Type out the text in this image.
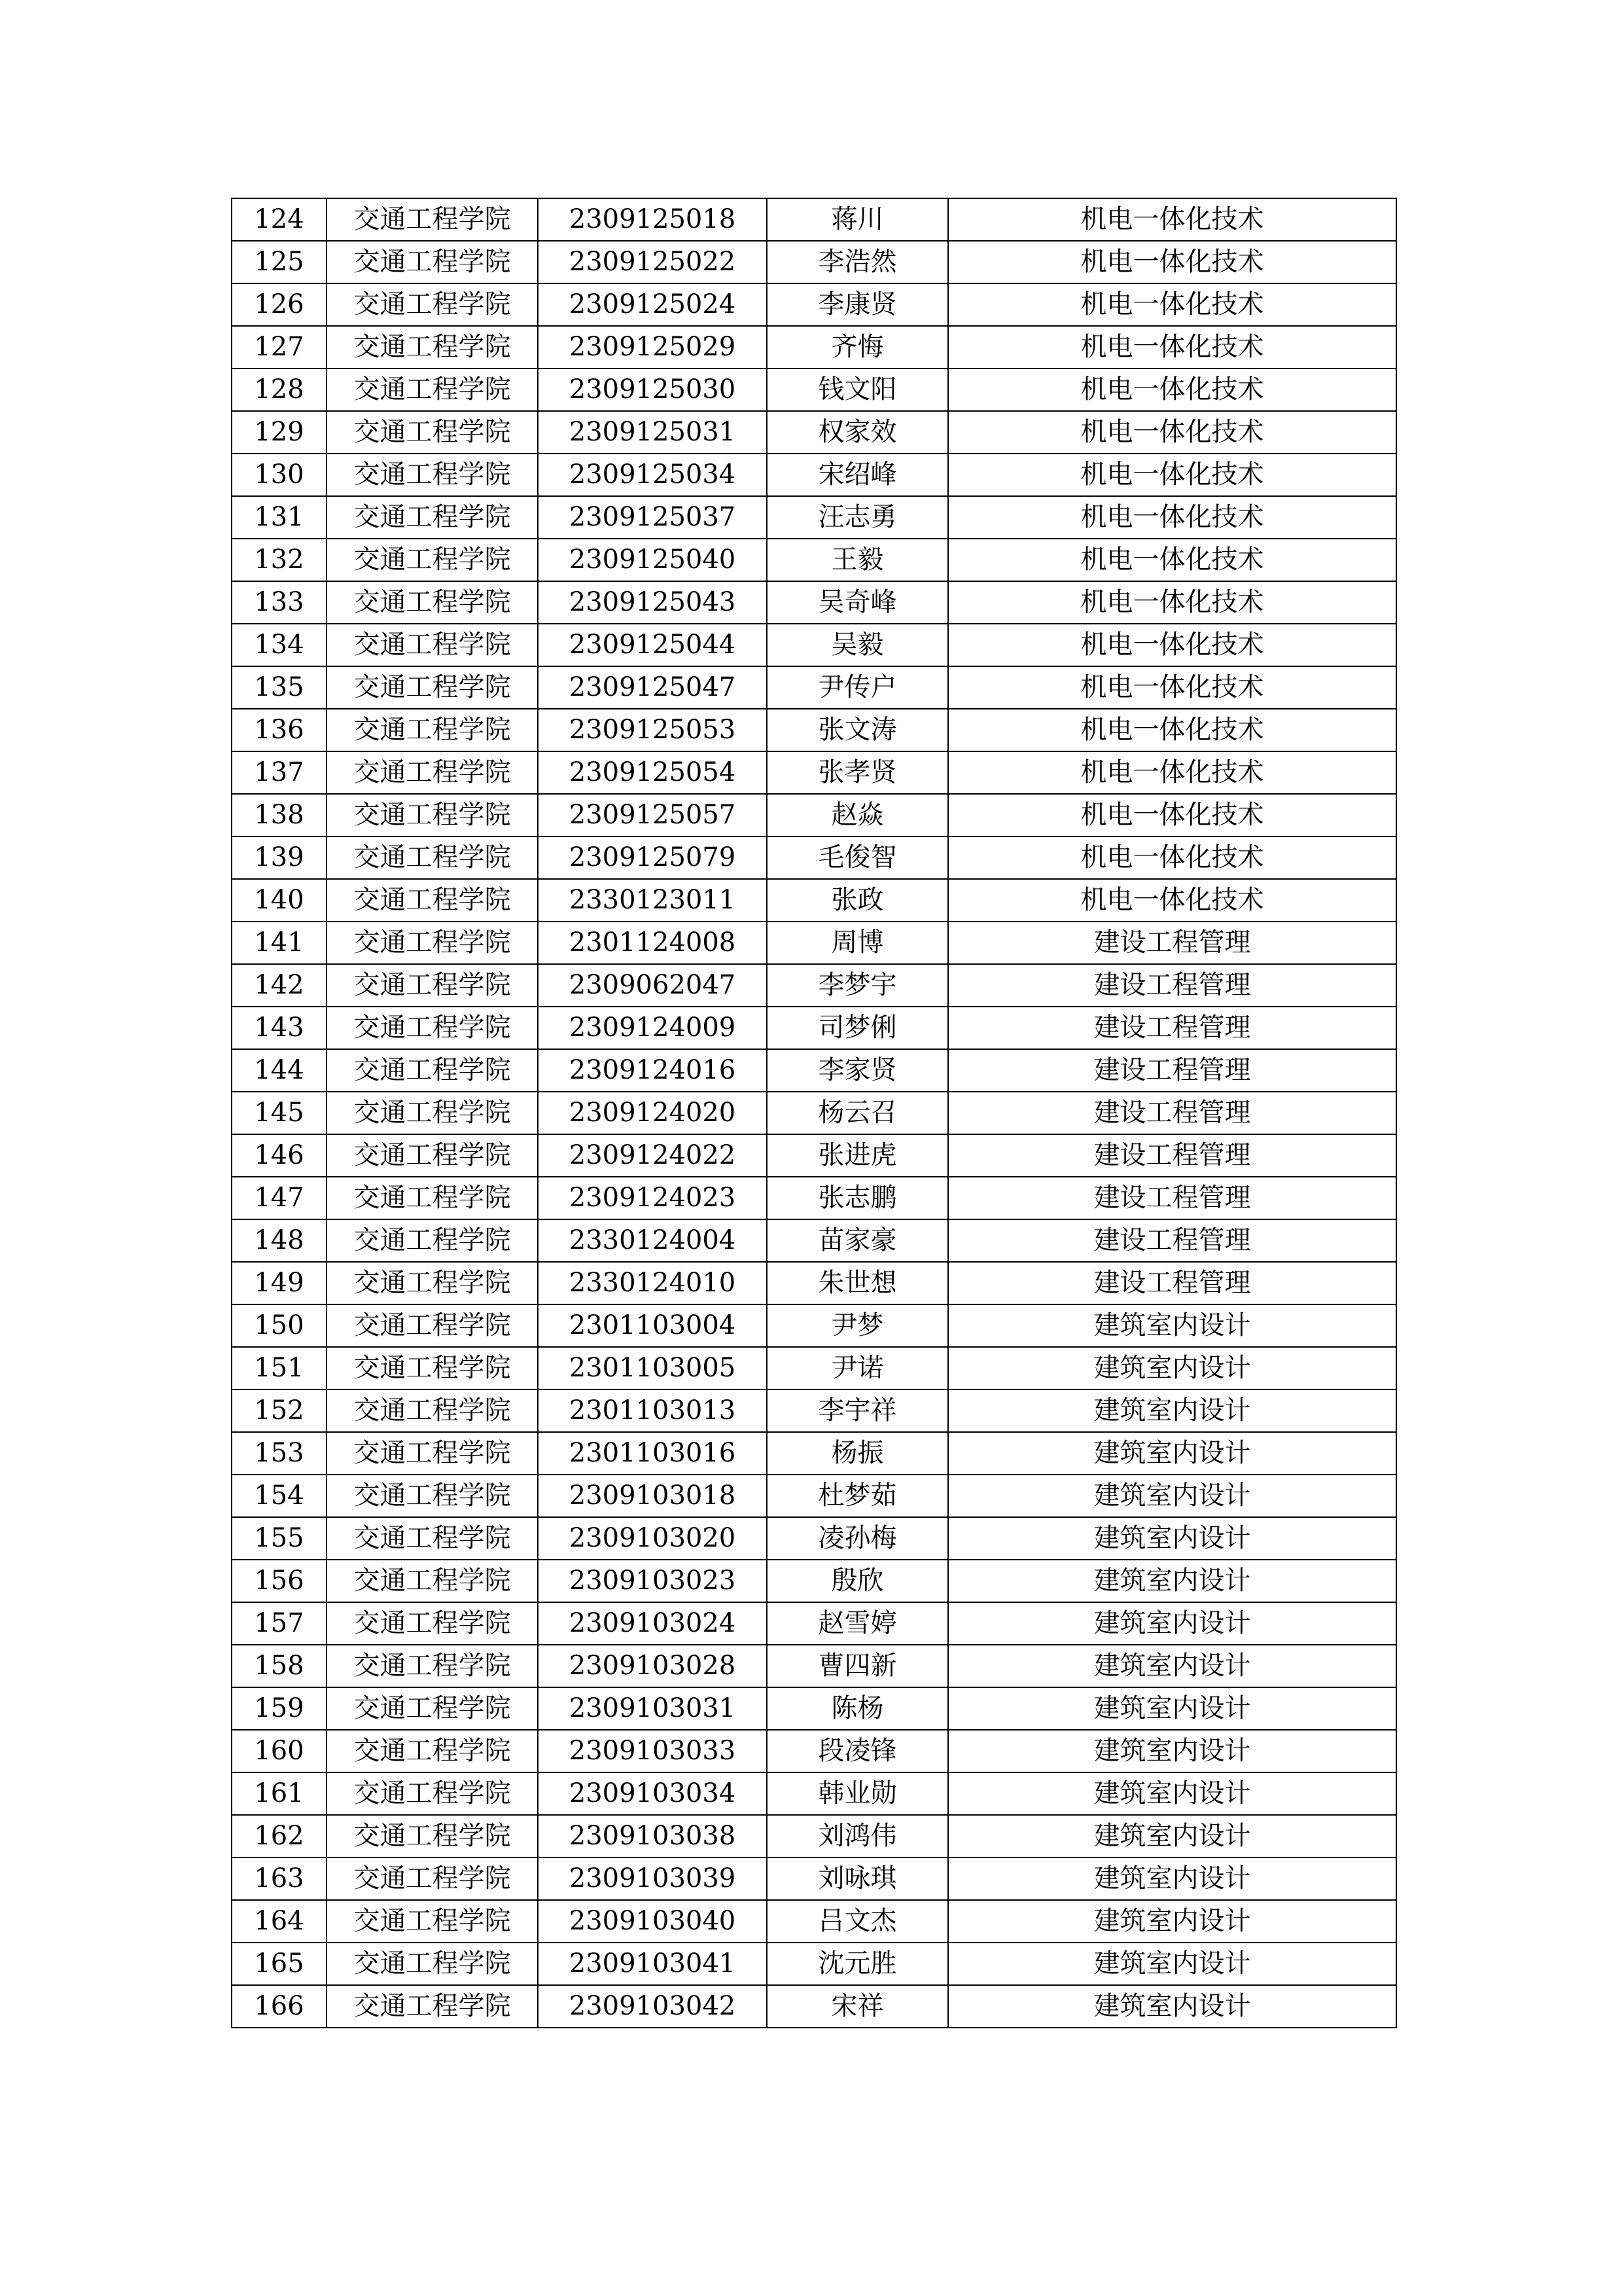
124	交通工程学院	2309125018	蒋川	机电一体化技术
125	交通工程学院	2309125022	李浩然	机电一体化技术
126	交通工程学院	2309125024	李康贤	机电一体化技术
127	交通工程学院	2309125029	齐悔	机电一体化技术
128	交通工程学院	2309125030	钱文阳	机电一体化技术
129	交通工程学院	2309125031	权家效	机电一体化技术
130	交通工程学院	2309125034	宋绍峰	机电一体化技术
131	交通工程学院	2309125037	汪志勇	机电一体化技术
132	交通工程学院	2309125040	王毅	机电一体化技术
133	交通工程学院	2309125043	吴奇峰	机电一体化技术
134	交通工程学院	2309125044	吴毅	机电一体化技术
135	交通工程学院	2309125047	尹传户	机电一体化技术
136	交通工程学院	2309125053	张文涛	机电一体化技术
137	交通工程学院	2309125054	张孝贤	机电一体化技术
138	交通工程学院	2309125057	赵焱	机电一体化技术
139	交通工程学院	2309125079	毛俊智	机电一体化技术
140	交通工程学院	2330123011	张政	机电一体化技术
141	交通工程学院	2301124008	周博	建设工程管理
142	交通工程学院	2309062047	李梦宇	建设工程管理
143	交通工程学院	2309124009	司梦俐	建设工程管理
144	交通工程学院	2309124016	李家贤	建设工程管理
145	交通工程学院	2309124020	杨云召	建设工程管理
146	交通工程学院	2309124022	张进虎	建设工程管理
147	交通工程学院	2309124023	张志鹏	建设工程管理
148	交通工程学院	2330124004	苗家豪	建设工程管理
149	交通工程学院	2330124010	朱世想	建设工程管理
150	交通工程学院	2301103004	尹梦	建筑室内设计
151	交通工程学院	2301103005	尹诺	建筑室内设计
152	交通工程学院	2301103013	李宇祥	建筑室内设计
153	交通工程学院	2301103016	杨振	建筑室内设计
154	交通工程学院	2309103018	杜梦茹	建筑室内设计
155	交通工程学院	2309103020	凌孙梅	建筑室内设计
156	交通工程学院	2309103023	殷欣	建筑室内设计
157	交通工程学院	2309103024	赵雪婷	建筑室内设计
158	交通工程学院	2309103028	曹四新	建筑室内设计
159	交通工程学院	2309103031	陈杨	建筑室内设计
160	交通工程学院	2309103033	段凌锋	建筑室内设计
161	交通工程学院	2309103034	韩业勋	建筑室内设计
162	交通工程学院	2309103038	刘鸿伟	建筑室内设计
163	交通工程学院	2309103039	刘咏琪	建筑室内设计
164	交通工程学院	2309103040	吕文杰	建筑室内设计
165	交通工程学院	2309103041	沈元胜	建筑室内设计
166	交通工程学院	2309103042	宋祥	建筑室内设计
